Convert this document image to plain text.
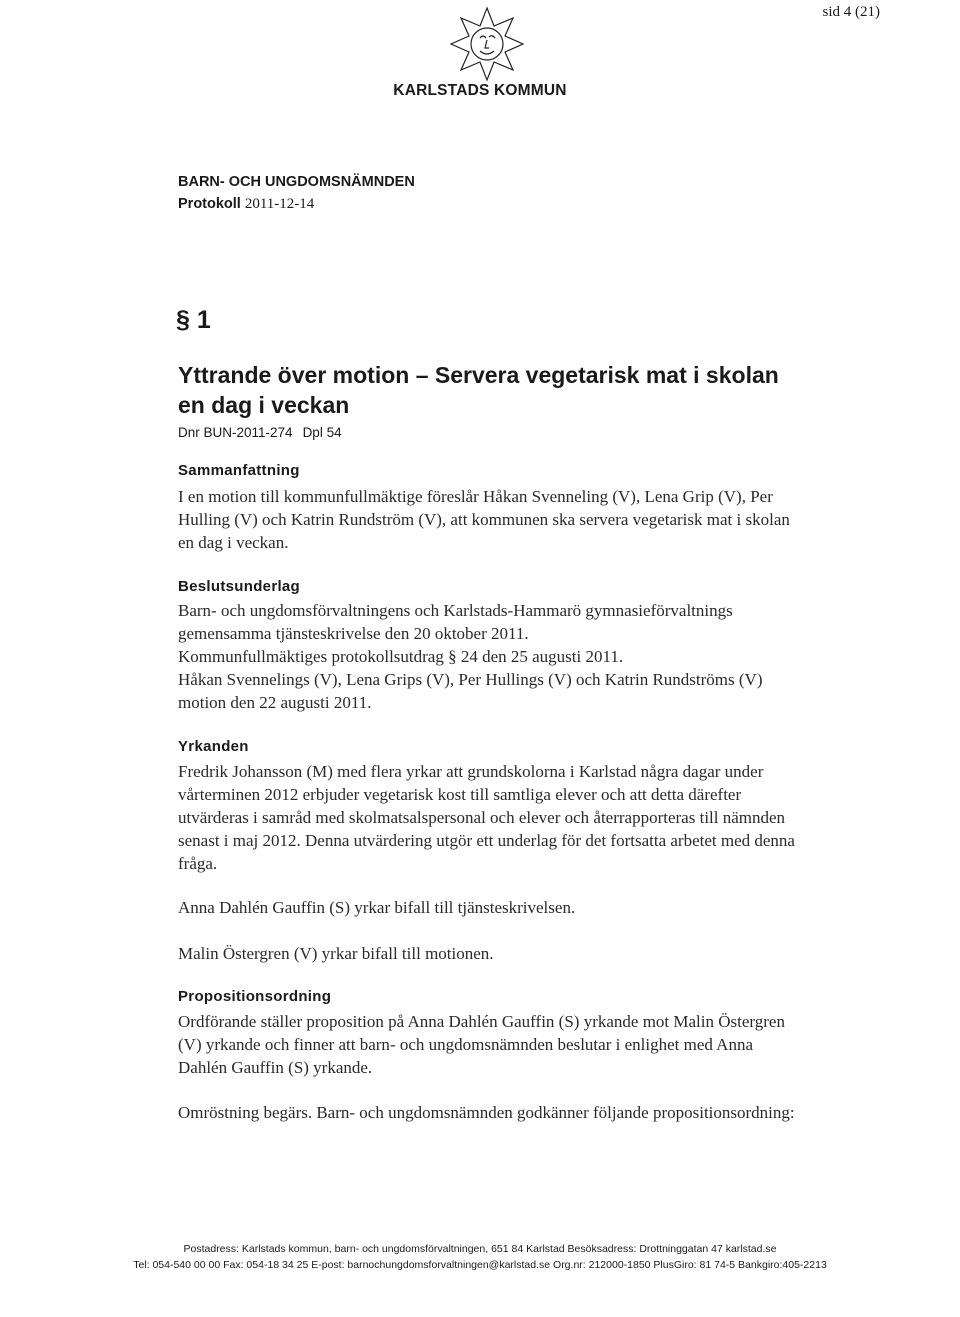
sid 4 (21)
KARLSTADS KOMMUN
BARN- OCH UNGDOMSNÄMNDEN
Protokoll 2011-12-14
§ 1
Yttrande över motion – Servera vegetarisk mat i skolan en dag i veckan
Dnr BUN-2011-274 Dpl 54
Sammanfattning

I en motion till kommunfullmäktige föreslår Håkan Svenneling (V), Lena Grip (V), Per Hulling (V) och Katrin Rundström (V), att kommunen ska servera vegetarisk mat i skolan en dag i veckan.

Beslutsunderlag

Barn- och ungdomsförvaltningens och Karlstads-Hammarö gymnasieförvaltnings gemensamma tjänsteskrivelse den 20 oktober 2011.

Kommunfullmäktiges protokollsutdrag § 24 den 25 augusti 2011.

Håkan Svennelings (V), Lena Grips (V), Per Hullings (V) och Katrin Rundströms (V) motion den 22 augusti 2011.

Yrkanden

Fredrik Johansson (M) med flera yrkar att grundskolorna i Karlstad några dagar under vårterminen 2012 erbjuder vegetarisk kost till samtliga elever och att detta därefter utvärderas i samråd med skolmatsalspersonal och elever och återrapporteras till nämnden senast i maj 2012. Denna utvärdering utgör ett underlag för det fortsatta arbetet med denna fråga.

Anna Dahlén Gauffin (S) yrkar bifall till tjänsteskrivelsen.
Malin Östergren (V) yrkar bifall till motionen.
Propositionsordning

Ordförande ställer proposition på Anna Dahlén Gauffin (S) yrkande mot Malin Östergren (V) yrkande och finner att barn- och ungdomsnämnden beslutar i enlighet med Anna Dahlén Gauffin (S) yrkande.

Omröstning begärs. Barn- och ungdomsnämnden godkänner följande propositionsordning:
Postadress: Karlstads kommun, barn- och ungdomsförvaltningen, 651 84 Karlstad Besöksadress: Drottninggatan 47 karlstad.se
Tel: 054-540 00 00 Fax: 054-18 34 25 E-post: barnochungdomsforvaltningen@karlstad.se Org.nr: 212000-1850 PlusGiro: 81 74-5 Bankgiro:405-2213
